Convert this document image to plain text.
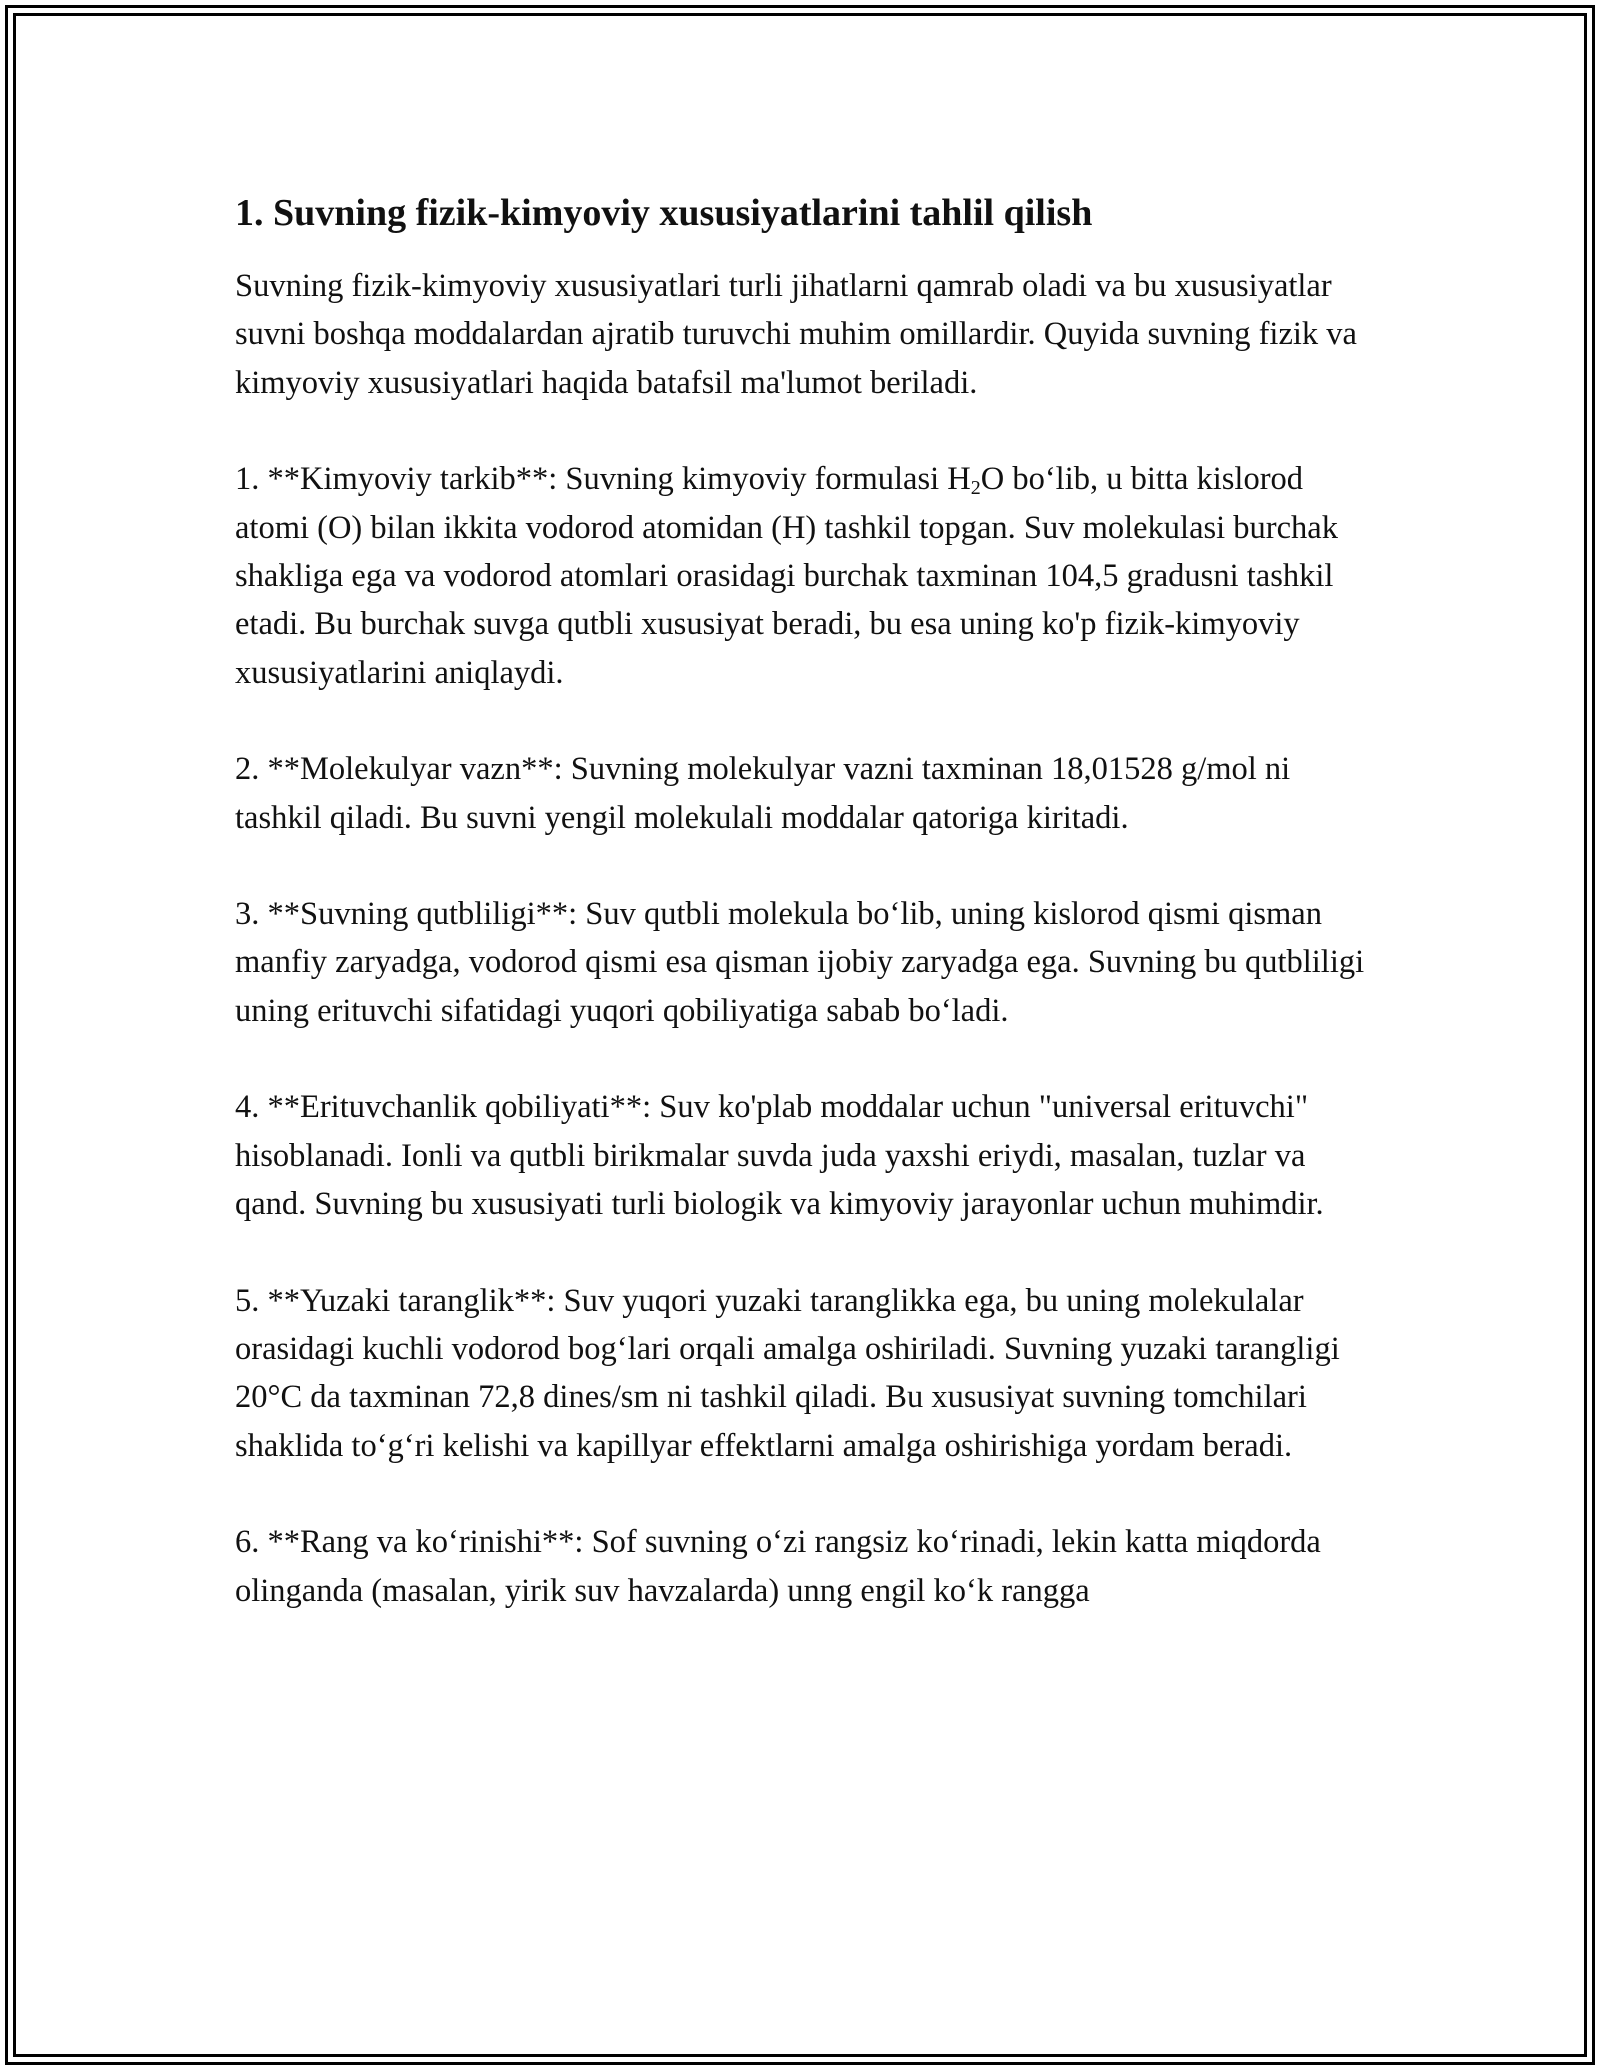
1. Suvning fizik-kimyoviy xususiyatlarini tahlil qilish

Suvning fizik-kimyoviy xususiyatlari turli jihatlarni qamrab oladi va bu xususiyatlar suvni boshqa moddalardan ajratib turuvchi muhim omillardir. Quyida suvning fizik va kimyoviy xususiyatlari haqida batafsil ma'lumot beriladi.

1. **Kimyoviy tarkib**: Suvning kimyoviy formulasi $H_2O$ bo‘lib, u bitta kislorod atomi (O) bilan ikkita vodorod atomidan (H) tashkil topgan. Suv molekulasi burchak shakliga ega va vodorod atomlari orasidagi burchak taxminan 104,5 gradusni tashkil etadi. Bu burchak suvga qutbli xususiyat beradi, bu esa uning ko'p fizik-kimyoviy xususiyatlarini aniqlaydi.

2. **Molekulyar vazn**: Suvning molekulyar vazni taxminan 18,01528 g/mol ni tashkil qiladi. Bu suvni yengil molekulali moddalar qatoriga kiritadi.

3. **Suvning qutbliligi**: Suv qutbli molekula bo‘lib, uning kislorod qismi qisman manfiy zaryadga, vodorod qismi esa qisman ijobiy zaryadga ega. Suvning bu qutbliligi uning erituvchi sifatidagi yuqori qobiliyatiga sabab bo‘ladi.

4. **Erituvchanlik qobiliyati**: Suv ko'plab moddalar uchun "universal erituvchi" hisoblanadi. Ionli va qutbli birikmalar suvda juda yaxshi eriydi, masalan, tuzlar va qand. Suvning bu xususiyati turli biologik va kimyoviy jarayonlar uchun muhimdir.

5. **Yuzaki taranglik**: Suv yuqori yuzaki taranglikka ega, bu uning molekulalar orasidagi kuchli vodorod bog‘lari orqali amalga oshiriladi. Suvning yuzaki tarangligi 20°C da taxminan 72,8 dines/sm ni tashkil qiladi. Bu xususiyat suvning tomchilari shaklida to‘g‘ri kelishi va kapillyar effektlarni amalga oshirishiga yordam beradi.

6. **Rang va ko‘rinishi**: Sof suvning o‘zi rangsiz ko‘rinadi, lekin katta miqdorda olinganda (masalan, yirik suv havzalarda) unng engil ko‘k rangga
